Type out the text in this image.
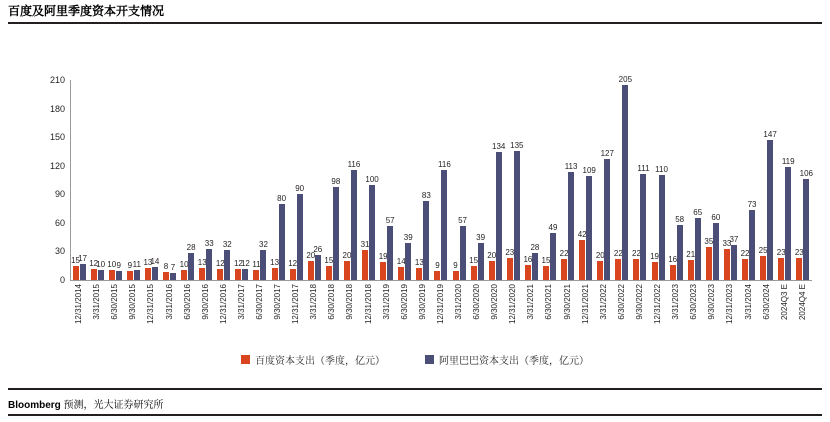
百度及阿里季度资本开支情况
0
30
60
90
120
150
180
210
15
17
12
10 10 9 9 11 13
14
8 7 10
28
13
33
12
32
12
12 11
32
13
80
12
90
20
26
15
98
20
116
31
100
19
57
14
39
13
83
9
116
9
57
15
39
20
134
23
135
16
28
15
49
22
113
42
109
20
127
22
205
22
111
19
110
16
58
21
65
35
60
33
37
22
73
25
147
23
119
23
106
12/31/2014 3/31/2015 6/30/2015 9/30/2015 12/31/2015 3/31/2016 6/30/2016 9/30/2016 12/31/2016 3/31/2017 6/30/2017 9/30/2017 12/31/2017 3/31/2018 6/30/2018 9/30/2018 12/31/2018 3/31/2019 6/30/2019 9/30/2019 12/31/2019 3/31/2020 6/30/2020 9/30/2020 12/31/2020 3/31/2021 6/30/2021 9/30/2021 12/31/2021 3/31/2022 6/30/2022 9/30/2022 12/31/2022 3/31/2023 6/30/2023 9/30/2023 12/31/2023 3/31/2024 6/30/2024 2024Q3 E 2024Q4 E
百度资本支出（季度，亿元）	阿里巴巴资本支出（季度，亿元）
Bloomberg 预测，光大证券研究所
